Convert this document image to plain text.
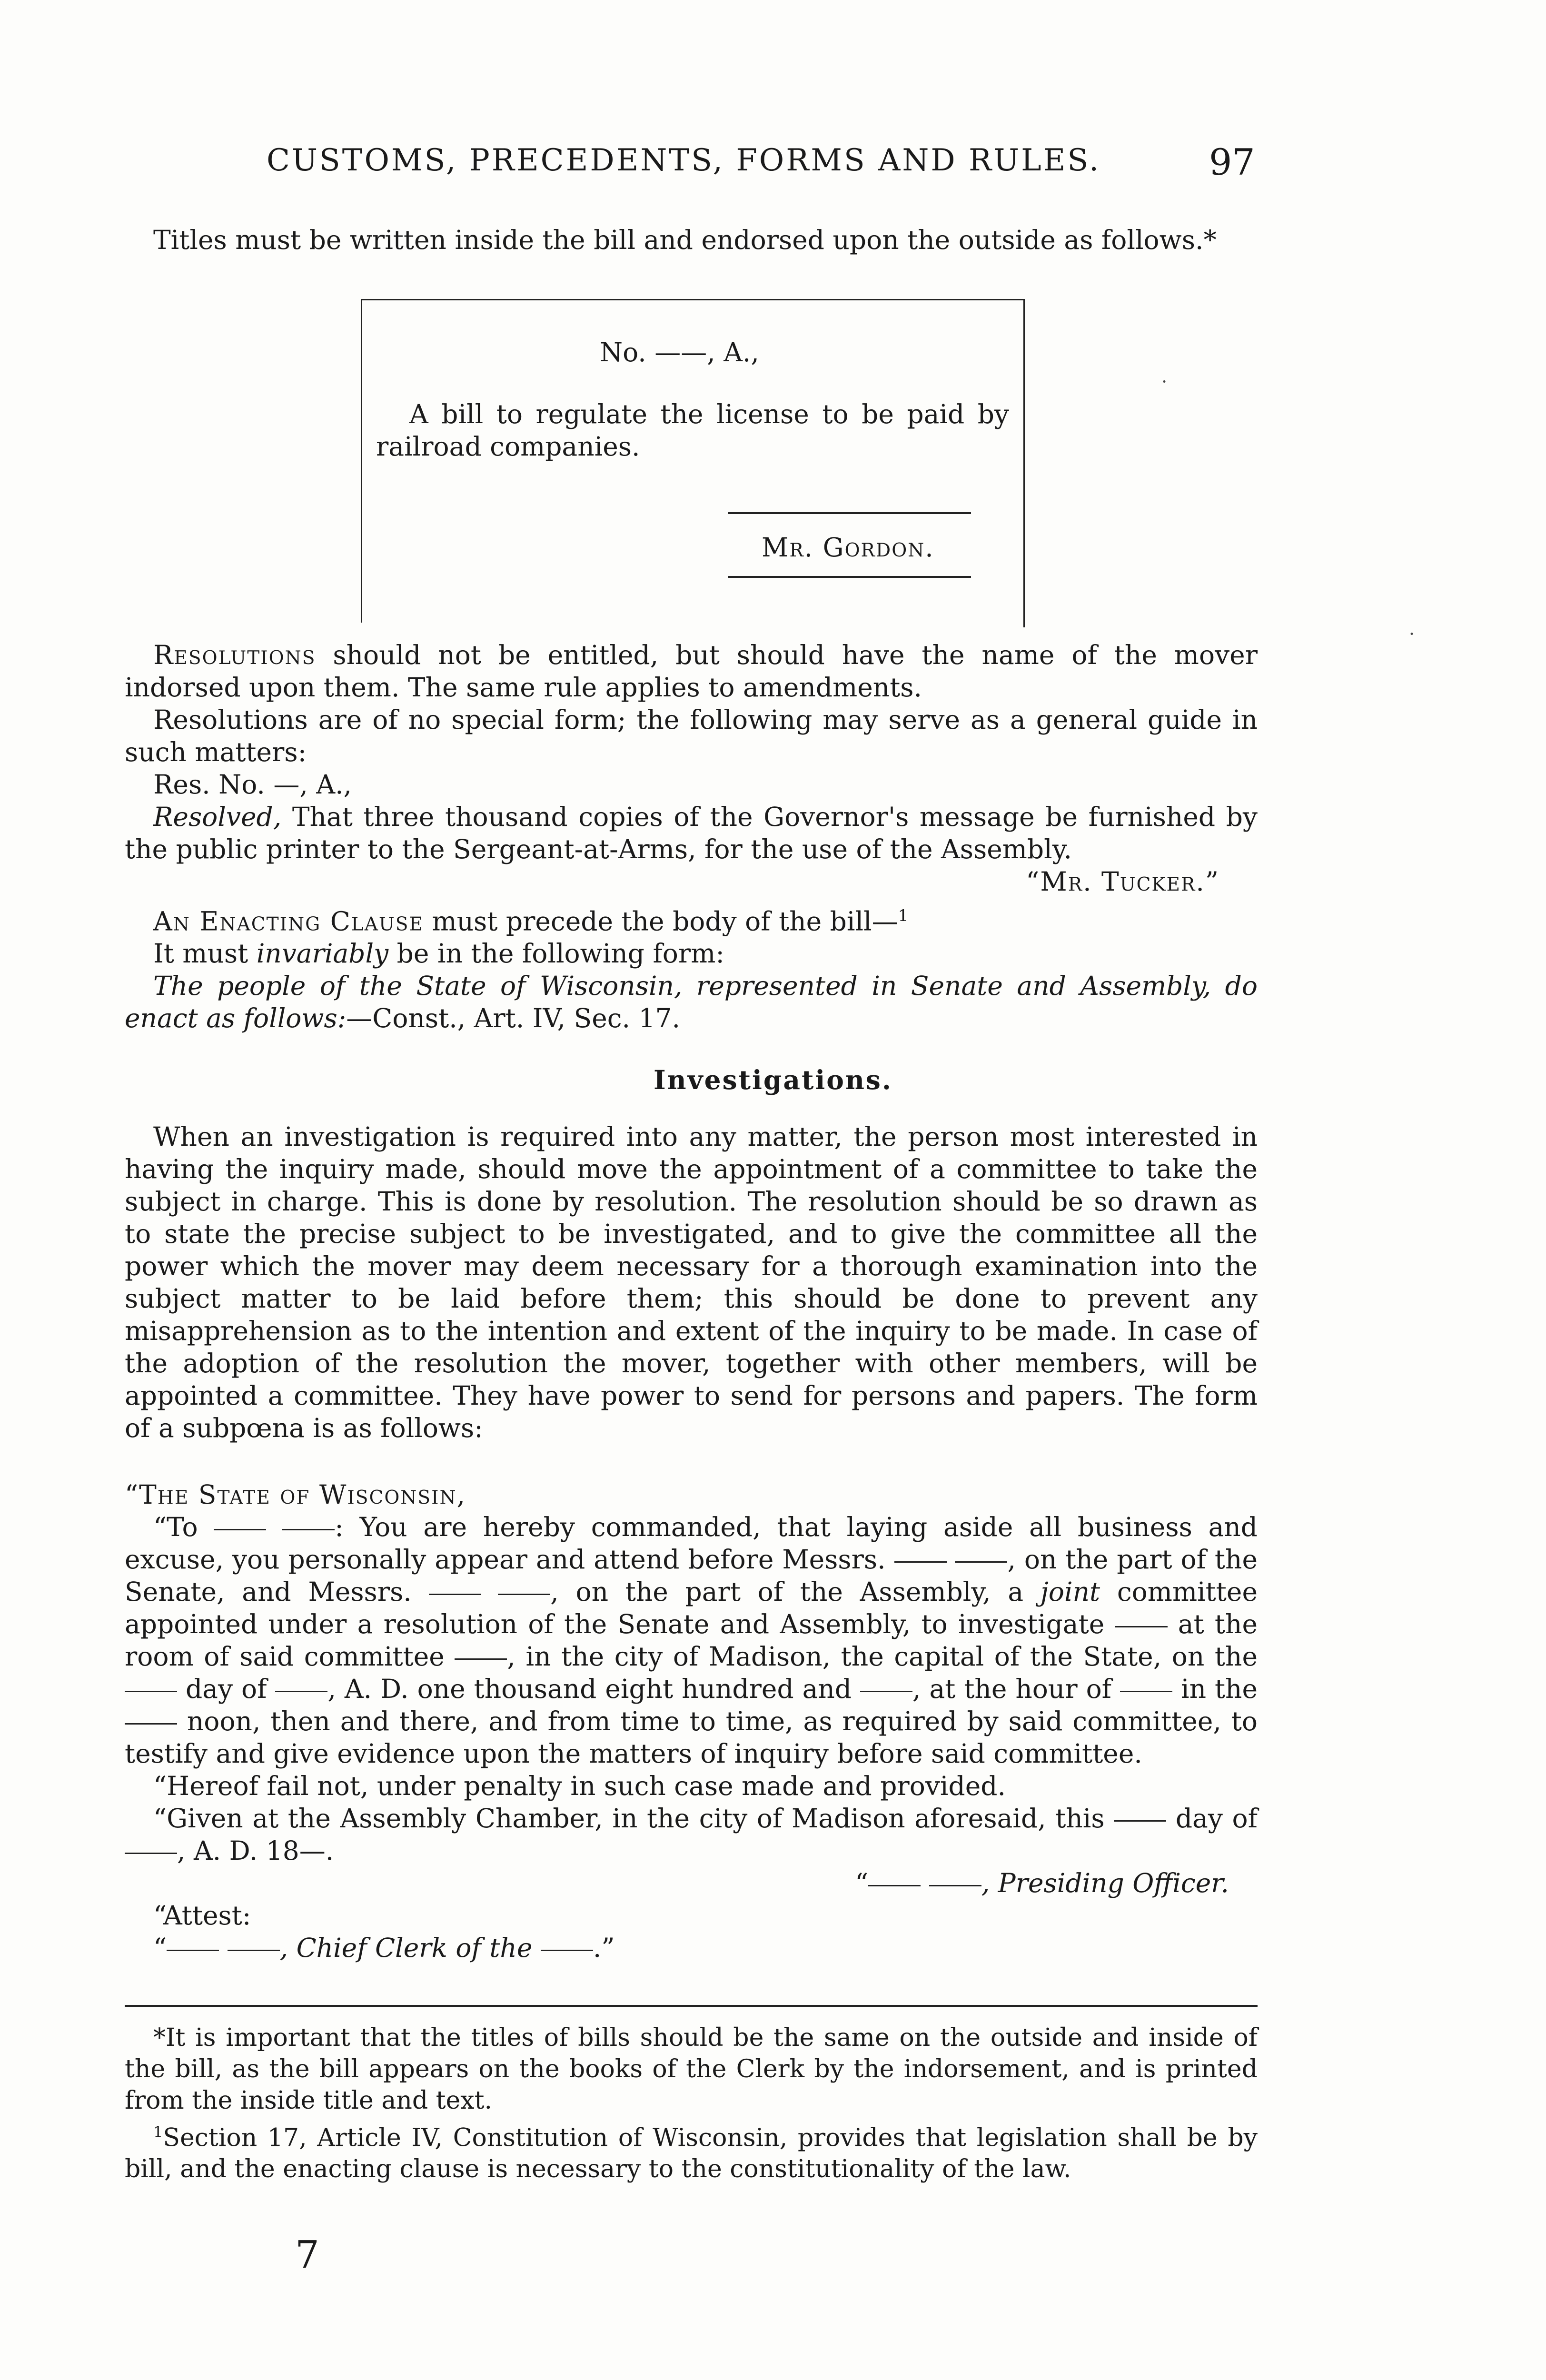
CUSTOMS, PRECEDENTS, FORMS AND RULES.	97
Titles must be written inside the bill and endorsed upon the outside as follows.*
No. ——, A.,
A bill to regulate the license to be paid by railroad companies.
Mr. Gordon.
Resolutions should not be entitled, but should have the name of the mover indorsed upon them. The same rule applies to amendments.
Resolutions are of no special form; the following may serve as a general guide in such matters:
Res. No. —, A.,
Resolved, That three thousand copies of the Governor's message be furnished by the public printer to the Sergeant-at-Arms, for the use of the Assembly.
“Mr. Tucker.”
An Enacting Clause must precede the body of the bill—$^1$
It must invariably be in the following form:
The people of the State of Wisconsin, represented in Senate and Assembly, do enact as follows:—Const., Art. IV, Sec. 17.
Investigations.
When an investigation is required into any matter, the person most interested in having the inquiry made, should move the appointment of a committee to take the subject in charge. This is done by resolution. The resolution should be so drawn as to state the precise subject to be investigated, and to give the committee all the power which the mover may deem necessary for a thorough examination into the subject matter to be laid before them; this should be done to prevent any misapprehension as to the intention and extent of the inquiry to be made. In case of the adoption of the resolution the mover, together with other members, will be appointed a committee. They have power to send for persons and papers. The form of a subpœna is as follows:
“The State of Wisconsin,
“To	: You are hereby commanded, that laying aside all business and excuse, you personally appear and attend before Messrs.	, on the part of the Senate, and Messrs.	, on the part of the Assembly, a joint committee appointed under a resolution of the Senate and Assembly, to investigate  at the room of said committee , in the city of Madison, the capital of the State, on the  day of , A. D. one thousand eight hundred and , at the hour of  in the  noon, then and there, and from time to time, as required by said committee, to testify and give evidence upon the matters of inquiry before said committee.
“Hereof fail not, under penalty in such case made and provided.
“Given at the Assembly Chamber, in the city of Madison aforesaid, this  day of , A. D. 18—.
“	, Presiding Officer.
“Attest:
“	, Chief Clerk of the .”
*It is important that the titles of bills should be the same on the outside and inside of the bill, as the bill appears on the books of the Clerk by the indorsement, and is printed from the inside title and text.
$^1$Section 17, Article IV, Constitution of Wisconsin, provides that legislation shall be by bill, and the enacting clause is necessary to the constitutionality of the law.
7
·
·
